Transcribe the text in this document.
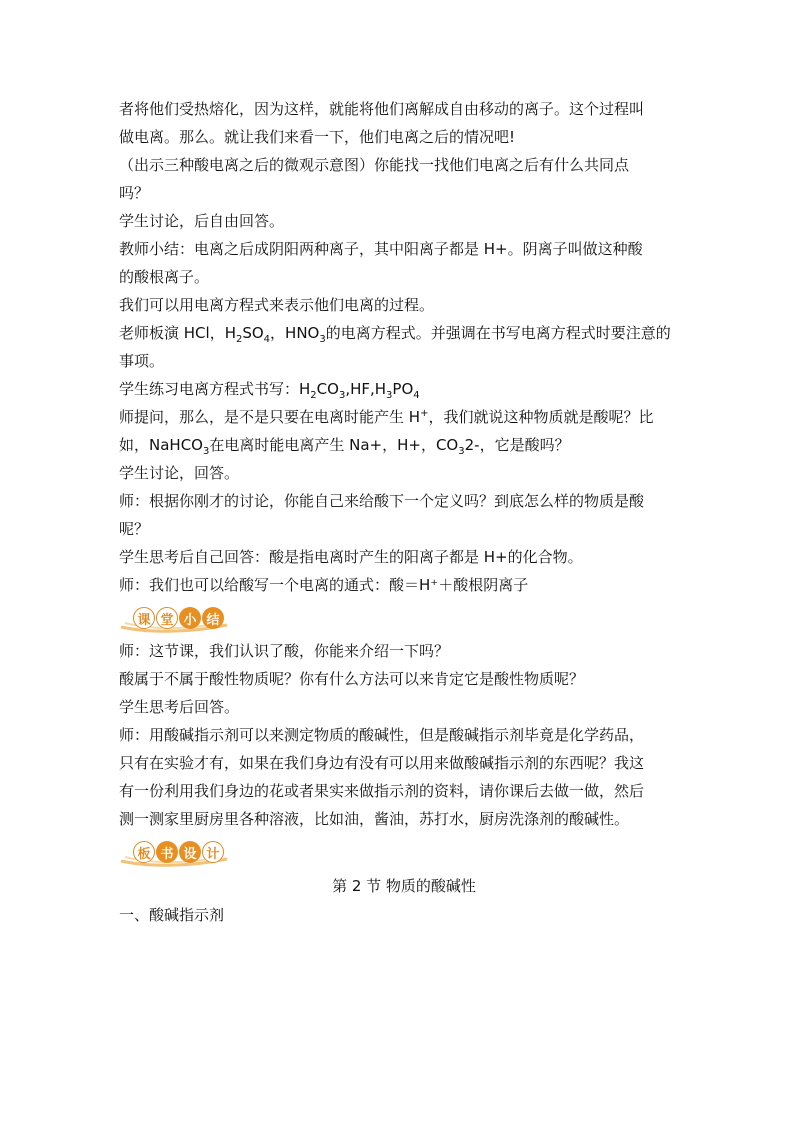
者将他们受热熔化，因为这样，就能将他们离解成自由移动的离子。这个过程叫
做电离。那么。就让我们来看一下，他们电离之后的情况吧!
（出示三种酸电离之后的微观示意图）你能找一找他们电离之后有什么共同点
吗？
学生讨论，后自由回答。
教师小结：电离之后成阴阳两种离子，其中阳离子都是 H+。阴离子叫做这种酸
的酸根离子。
我们可以用电离方程式来表示他们电离的过程。
老师板演 HCl，$H_2SO_4$，$HNO_3$的电离方程式。并强调在书写电离方程式时要注意的
事项。
学生练习电离方程式书写：$H_2CO_3,HF,H_3PO_4$
师提问，那么，是不是只要在电离时能产生 H+，我们就说这种物质就是酸呢？比
如，NaHCO$_3$在电离时能电离产生 Na+，H+，$CO_32-$，它是酸吗？
学生讨论，回答。
师：根据你刚才的讨论，你能自己来给酸下一个定义吗？到底怎么样的物质是酸
呢？
学生思考后自己回答：酸是指电离时产生的阳离子都是 H+的化合物。
师：我们也可以给酸写一个电离的通式：酸＝H⁺＋酸根阴离子
课 堂 小 结
师：这节课，我们认识了酸，你能来介绍一下吗？
酸属于不属于酸性物质呢？你有什么方法可以来肯定它是酸性物质呢？
学生思考后回答。
师：用酸碱指示剂可以来测定物质的酸碱性，但是酸碱指示剂毕竟是化学药品，
只有在实验才有，如果在我们身边有没有可以用来做酸碱指示剂的东西呢？我这
有一份利用我们身边的花或者果实来做指示剂的资料，请你课后去做一做，然后
测一测家里厨房里各种溶液，比如油，酱油，苏打水，厨房洗涤剂的酸碱性。
板 书 设 计
第 2 节 物质的酸碱性
一、酸碱指示剂
